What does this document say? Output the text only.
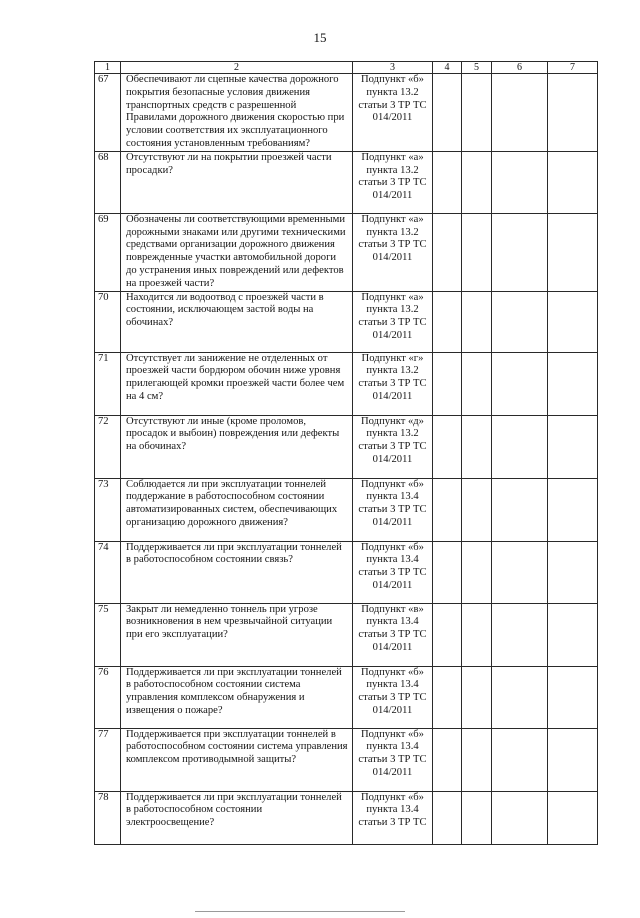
15
1	2	3	4	5	6	7
67	Обеспечивают ли сцепные качества дорожного покрытия безопасные условия движения транспортных средств с разрешенной Правилами дорожного движения скоростью при условии соответствия их эксплуатационного состояния установленным требованиям?	Подпункт «б» пункта 13.2 статьи 3 ТР ТС 014/2011				
68	Отсутствуют ли на покрытии проезжей части просадки?	Подпункт «а» пункта 13.2 статьи 3 ТР ТС 014/2011				
69	Обозначены ли соответствующими временными дорожными знаками или другими техническими средствами организации дорожного движения поврежденные участки автомобильной дороги до устранения иных повреждений или дефектов на проезжей части?	Подпункт «а» пункта 13.2 статьи 3 ТР ТС 014/2011				
70	Находится ли водоотвод с проезжей части в состоянии, исключающем застой воды на обочинах?	Подпункт «а» пункта 13.2 статьи 3 ТР ТС 014/2011				
71	Отсутствует ли занижение не отделенных от проезжей части бордюром обочин ниже уровня прилегающей кромки проезжей части более чем на 4 см?	Подпункт «г» пункта 13.2 статьи 3 ТР ТС 014/2011				
72	Отсутствуют ли иные (кроме проломов, просадок и выбоин) повреждения или дефекты на обочинах?	Подпункт «д» пункта 13.2 статьи 3 ТР ТС 014/2011				
73	Соблюдается ли при эксплуатации тоннелей поддержание в работоспособном состоянии автоматизированных систем, обеспечивающих организацию дорожного движения?	Подпункт «б» пункта 13.4 статьи 3 ТР ТС 014/2011				
74	Поддерживается ли при эксплуатации тоннелей в работоспособном состоянии связь?	Подпункт «б» пункта 13.4 статьи 3 ТР ТС 014/2011				
75	Закрыт ли немедленно тоннель при угрозе возникновения в нем чрезвычайной ситуации при его эксплуатации?	Подпункт «в» пункта 13.4 статьи 3 ТР ТС 014/2011				
76	Поддерживается ли при эксплуатации тоннелей в работоспособном состоянии система управления комплексом обнаружения и извещения о пожаре?	Подпункт «б» пункта 13.4 статьи 3 ТР ТС 014/2011				
77	Поддерживается при эксплуатации тоннелей в работоспособном состоянии система управления комплексом противодымной защиты?	Подпункт «б» пункта 13.4 статьи 3 ТР ТС 014/2011				
78	Поддерживается ли при эксплуатации тоннелей в работоспособном состоянии электроосвещение?	Подпункт «б» пункта 13.4 статьи 3 ТР ТС				
